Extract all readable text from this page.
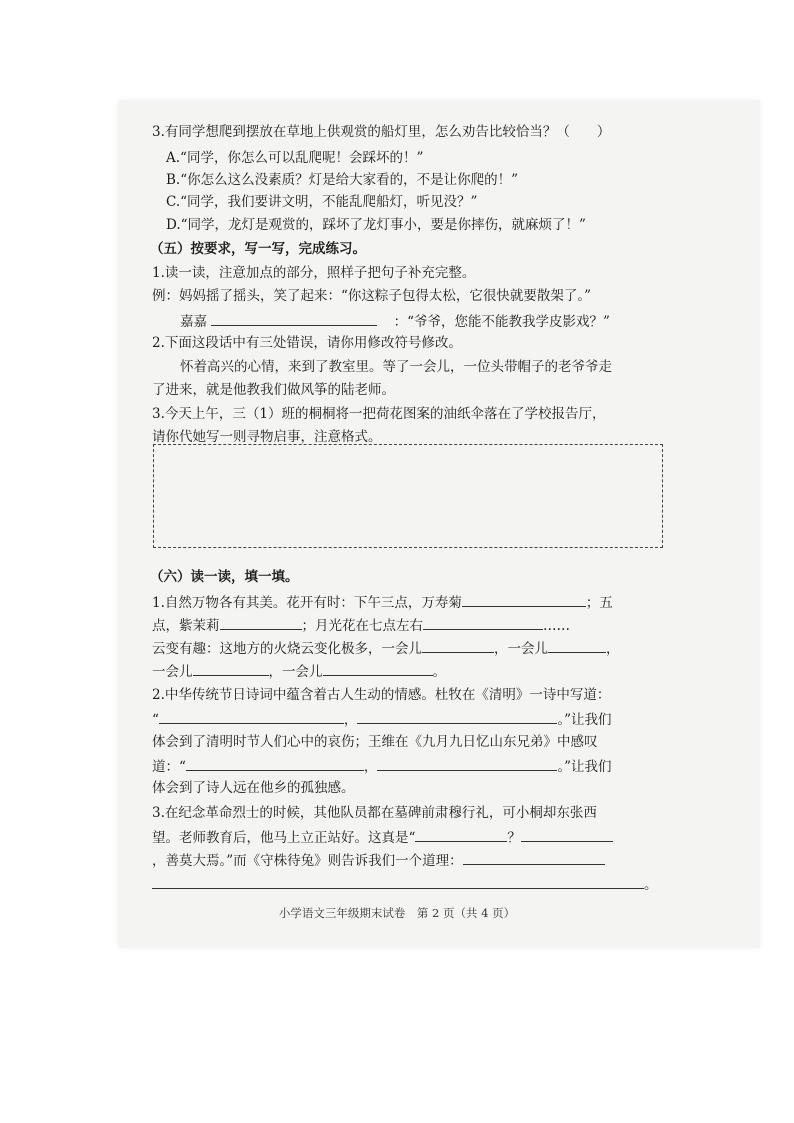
3.有同学想爬到摆放在草地上供观赏的船灯里，怎么劝告比较恰当？（　　）
A.“同学，你怎么可以乱爬呢！会踩坏的！”
B.“你怎么这么没素质？灯是给大家看的，不是让你爬的！”
C.“同学，我们要讲文明，不能乱爬船灯，听见没？”
D.“同学，龙灯是观赏的，踩坏了龙灯事小，要是你摔伤，就麻烦了！”
（五）按要求，写一写，完成练习。
1.读一读，注意加点的部分，照样子把句子补充完整。
例：妈妈摇了摇头，笑了起来：“你这粽子包得太松，它很快就要散架了。”
嘉嘉	：“爷爷，您能不能教我学皮影戏？”
2.下面这段话中有三处错误，请你用修改符号修改。
怀着高兴的心情，来到了教室里。等了一会儿，一位头带帽子的老爷爷走
了进来，就是他教我们做风筝的陆老师。
3.今天上午，三（1）班的桐桐将一把荷花图案的油纸伞落在了学校报告厅，
请你代她写一则寻物启事，注意格式。
（六）读一读，填一填。
1.自然万物各有其美。花开有时：下午三点，万寿菊	；五
点，紫茉莉	；月光花在七点左右	……
云变有趣：这地方的火烧云变化极多，一会儿	，一会儿	，
一会儿	，一会儿	。
2.中华传统节日诗词中蕴含着古人生动的情感。杜牧在《清明》一诗中写道：
“	，	。”让我们
体会到了清明时节人们心中的哀伤；王维在《九月九日忆山东兄弟》中感叹
道：“	，	。”让我们
体会到了诗人远在他乡的孤独感。
3.在纪念革命烈士的时候，其他队员都在墓碑前肃穆行礼，可小桐却东张西
望。老师教育后，他马上立正站好。这真是“	？
，善莫大焉。”而《守株待兔》则告诉我们一个道理：
。
小学语文三年级期末试卷　第 2 页（共 4 页）
